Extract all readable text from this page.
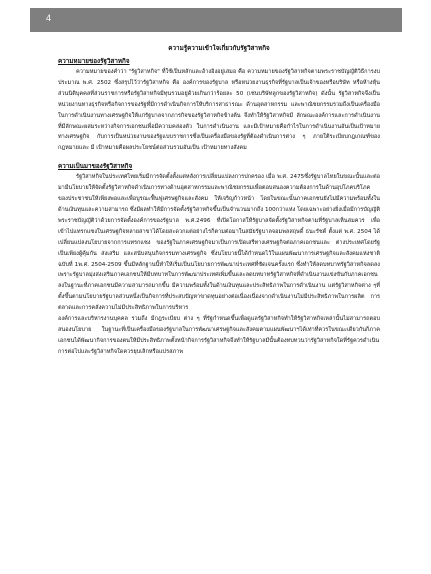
4

ความรู้ความเข้าใจเกี่ยวกับรัฐวิสาหกิจ

ความหมายของรัฐวิสาหกิจ

ความหมายของคำว่า "รัฐวิสาหกิจ" ที่ใช้เป็นหลักและอ้างอิงอยู่เสมอ คือ ความหมายของรัฐวิสาหกิจตามพระราชบัญญัติวิธีการงบประมาณ พ.ศ. 2502 ซึ่งสรุปไว้ว่ารัฐวิสาหกิจ คือ องค์การของรัฐบาล หรือหน่วยงานธุรกิจที่รัฐบาลเป็นเจ้าของหรือบริษัท หรือห้างหุ้นส่วนนิติบุคคลที่ส่วนราชการหรือรัฐวิสาหกิจมีทุนรวมอยู่ด้วยเกินกว่าร้อยละ 50 (เช่นบริษัทลูกของรัฐวิสาหกิจ) ดังนั้น รัฐวิสาหกิจจึงเป็นหน่วยงานทางธุรกิจหรือกิจการของรัฐที่มีการดำเนินกิจการให้บริการสาธารณะ ด้านอุตสาหกรรม และพาณิชยกรรมรวมถึงเป็นเครื่องมือในการดำเนินงานทางเศรษฐกิจให้แก่รัฐบาลจากภารกิจของรัฐวิสาหกิจข้างต้น จึงทำให้รัฐวิสาหกิจมี ลักษณะองค์การและการดำเนินงานที่มีลักษณะผสมระหว่างกิจการเอกชนเพื่อมีความคล่องตัว ในการดำเนินงาน และมีเป้าหมายคือกำไรในการดำเนินงานอันเป็นเป้าหมายทางเศรษฐกิจ กับการเป็นหน่วยงานของรัฐแบบราชการซึ่งเป็นเครื่องมือของรัฐที่ต้องดำเนินการต่าง ๆ ภายใต้ระเบียบกฎเกณฑ์ของกฎหมายและ มี เป้าหมายคือผลประโยชน์ต่อส่วนรวมอันเป็น เป้าหมายทางสังคม

ความเป็นมาของรัฐวิสาหกิจ

รัฐวิสาหกิจในประเทศไทยเริ่มมีการจัดตั้งตั้งแต่หลังการเปลี่ยนแปลงการปกครอง เมื่อ พ.ศ. 2475ซึ่งรัฐบาลไทยในขณะนั้นและต่อมามีนโยบายให้จัดตั้งรัฐวิสาหกิจดำเนินการทางด้านอุตสาหกรรมและพาณิชยกรรมเพื่อตอบสนองความต้องการในด้านอุปโภคบริโภคของประชาชนให้เพียงพอและเพื่อบูรณะฟื้นฟูเศรษฐกิจและสังคม ให้เจริญก้าวหน้า โดยในขณะนั้นภาคเอกชนยังไม่มีความพร้อมทั้งในด้านเงินทุนและความสามารถ ซึ่งมีผลทำให้มีการจัดตั้งรัฐวิสาหกิจขึ้นเป็นจำนวนมากถึง 100กว่าแห่ง โดยเฉพาะอย่างยิ่งเมื่อมีการบัญญัติพระราชบัญญัติว่าด้วยการจัดตั้งองค์การของรัฐบาล พ.ศ.2496 ที่เปิดโอกาสให้รัฐบาลจัดตั้งรัฐวิสาหกิจตามที่รัฐบาลเห็นสมควร เพื่อเข้าไปแทรกแซงในเศรษฐกิจหลายสาขาได้โดยสะดวกแต่อย่างไรก็ตามต่อมาในสมัยรัฐบาลจอมพลสฤษดิ์ ธนะรัชต์ ตั้งแต่ พ.ศ. 2504 ได้เปลี่ยนแปลงนโยบายจากการแทรกแซง ของรัฐในภาคเศรษฐกิจมาเป็นการเปิดเสรีทางเศรษฐกิจต่อภาคเอกชนและ ต่างประเทศโดยรัฐเป็นเพียงผู้คุ้มกัน ส่งเสริม และสนับสนุนกิจกรรมทางเศรษฐกิจ ซึ่งนโยบายนี้ได้กำหนดไว้ในแผนพัฒนาการเศรษฐกิจและสังคมแห่งชาติฉบับที่ 1พ.ศ. 2504-2509 ขึ้นมีหลักฐานนี้ทำให้เริ่มเป็นนโยบายการพัฒนาประเทศที่ชัดเจนครั้งแรก ซึ่งทำให้ลดบทบาทรัฐวิสาหกิจลดลงเพราะรัฐบาลมุ่งส่งเสริมภาคเอกชนให้มีบทบาทในการพัฒนาประเทศเพิ่มขึ้นและลดบทบาทรัฐวิสาหกิจที่ดำเนินงานแข่งขันกับภาคเอกชนลงในฐานะที่ภาคเอกชนมีความสามารถมากขึ้น มีความพร้อมทั้งในด้านเงินทุนและประสิทธิภาพในการดำเนินงาน แต่รัฐวิสาหกิจต่าง ๆที่ตั้งขึ้นตามนโยบายรัฐบาลส่วนหนึ่งเป็นกิจการที่ประสบปัญหาขาดทุนอย่างต่อเนื่องเนื่องจากดำเนินงานไม่มีประสิทธิภาพในการผลิต การตลาดและการคลังความไม่มีประสิทธิภาพในการบริหาร

องค์การและบริหารงานบุคคล รวมถึง มีกฎระเบียบ ต่าง ๆ ที่รัฐกำหนดขึ้นเพื่อดูแลรัฐวิสาหกิจทำให้รัฐวิสาหกิจเหล่านั้นไม่สามารถตอบสนองนโยบาย ในฐานะที่เป็นเครื่องมือของรัฐบาลในการพัฒนาเศรษฐกิจและสังคมตามแผนพัฒนาฯได้เท่าที่ควรในขณะเดียวกันก็ภาคเอกชนได้พัฒนากิจการของตนให้มีประสิทธิภาพตั้งหน้ากิจการรัฐวิสาหกิจจึงทำให้รัฐบาลมีนั้นต้องทบทวนว่ารัฐวิสาหกิจใดที่รัฐควรดำเนินการต่อไปและรัฐวิสาหกิจใดควรยุบเลิกหรือแปรสภาพ
